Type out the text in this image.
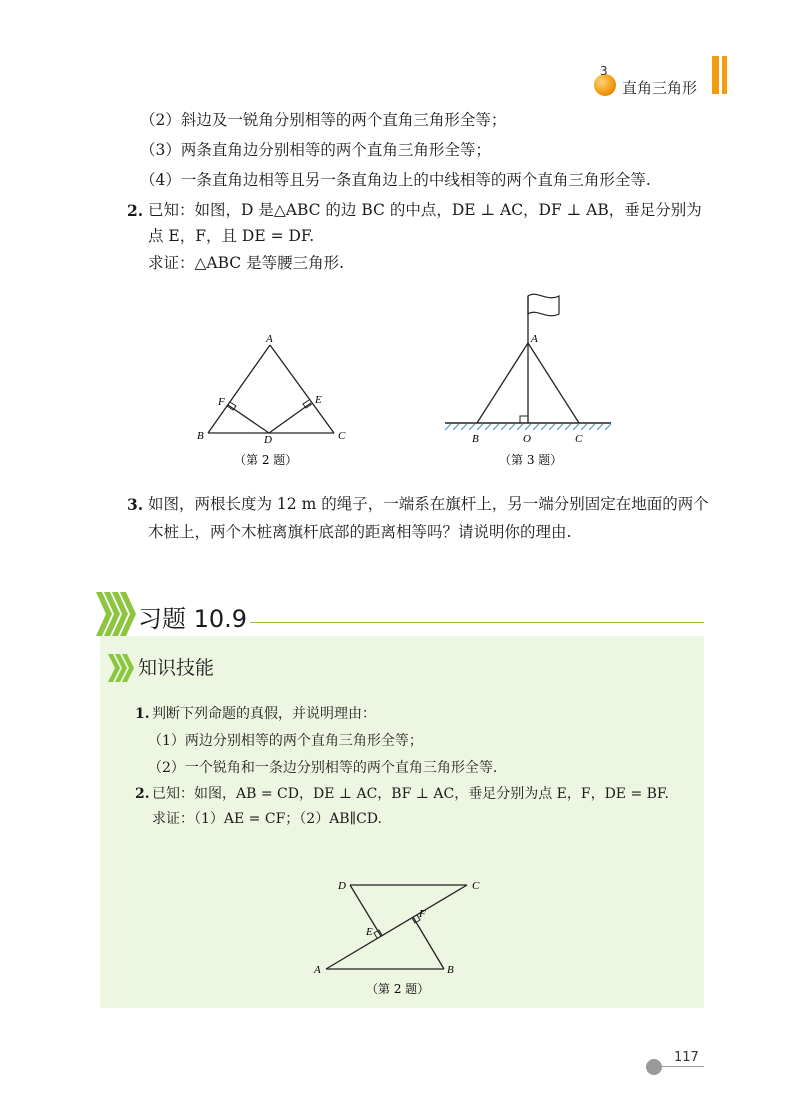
3
直角三角形
（2）斜边及一锐角分别相等的两个直角三角形全等；
（3）两条直角边分别相等的两个直角三角形全等；
（4）一条直角边相等且另一条直角边上的中线相等的两个直角三角形全等.
2. 已知：如图，D 是△ABC 的边 BC 的中点，DE ⊥ AC，DF ⊥ AB，垂足分别为
点 E，F，且 DE = DF.
求证：△ABC 是等腰三角形.
A
F	E
B	D	C
（第 2 题）
A
B	O	C
（第 3 题）
3. 如图，两根长度为 12 m 的绳子，一端系在旗杆上，另一端分别固定在地面的两个
木桩上，两个木桩离旗杆底部的距离相等吗？请说明你的理由.
习题 10.9
知识技能
1. 判断下列命题的真假，并说明理由：
（1）两边分别相等的两个直角三角形全等；
（2）一个锐角和一条边分别相等的两个直角三角形全等.
2. 已知：如图，AB = CD，DE ⊥ AC，BF ⊥ AC，垂足分别为点 E，F，DE = BF.
求证：（1）AE = CF；（2）AB∥CD.
D	C
E
F
A	B
（第 2 题）
117
